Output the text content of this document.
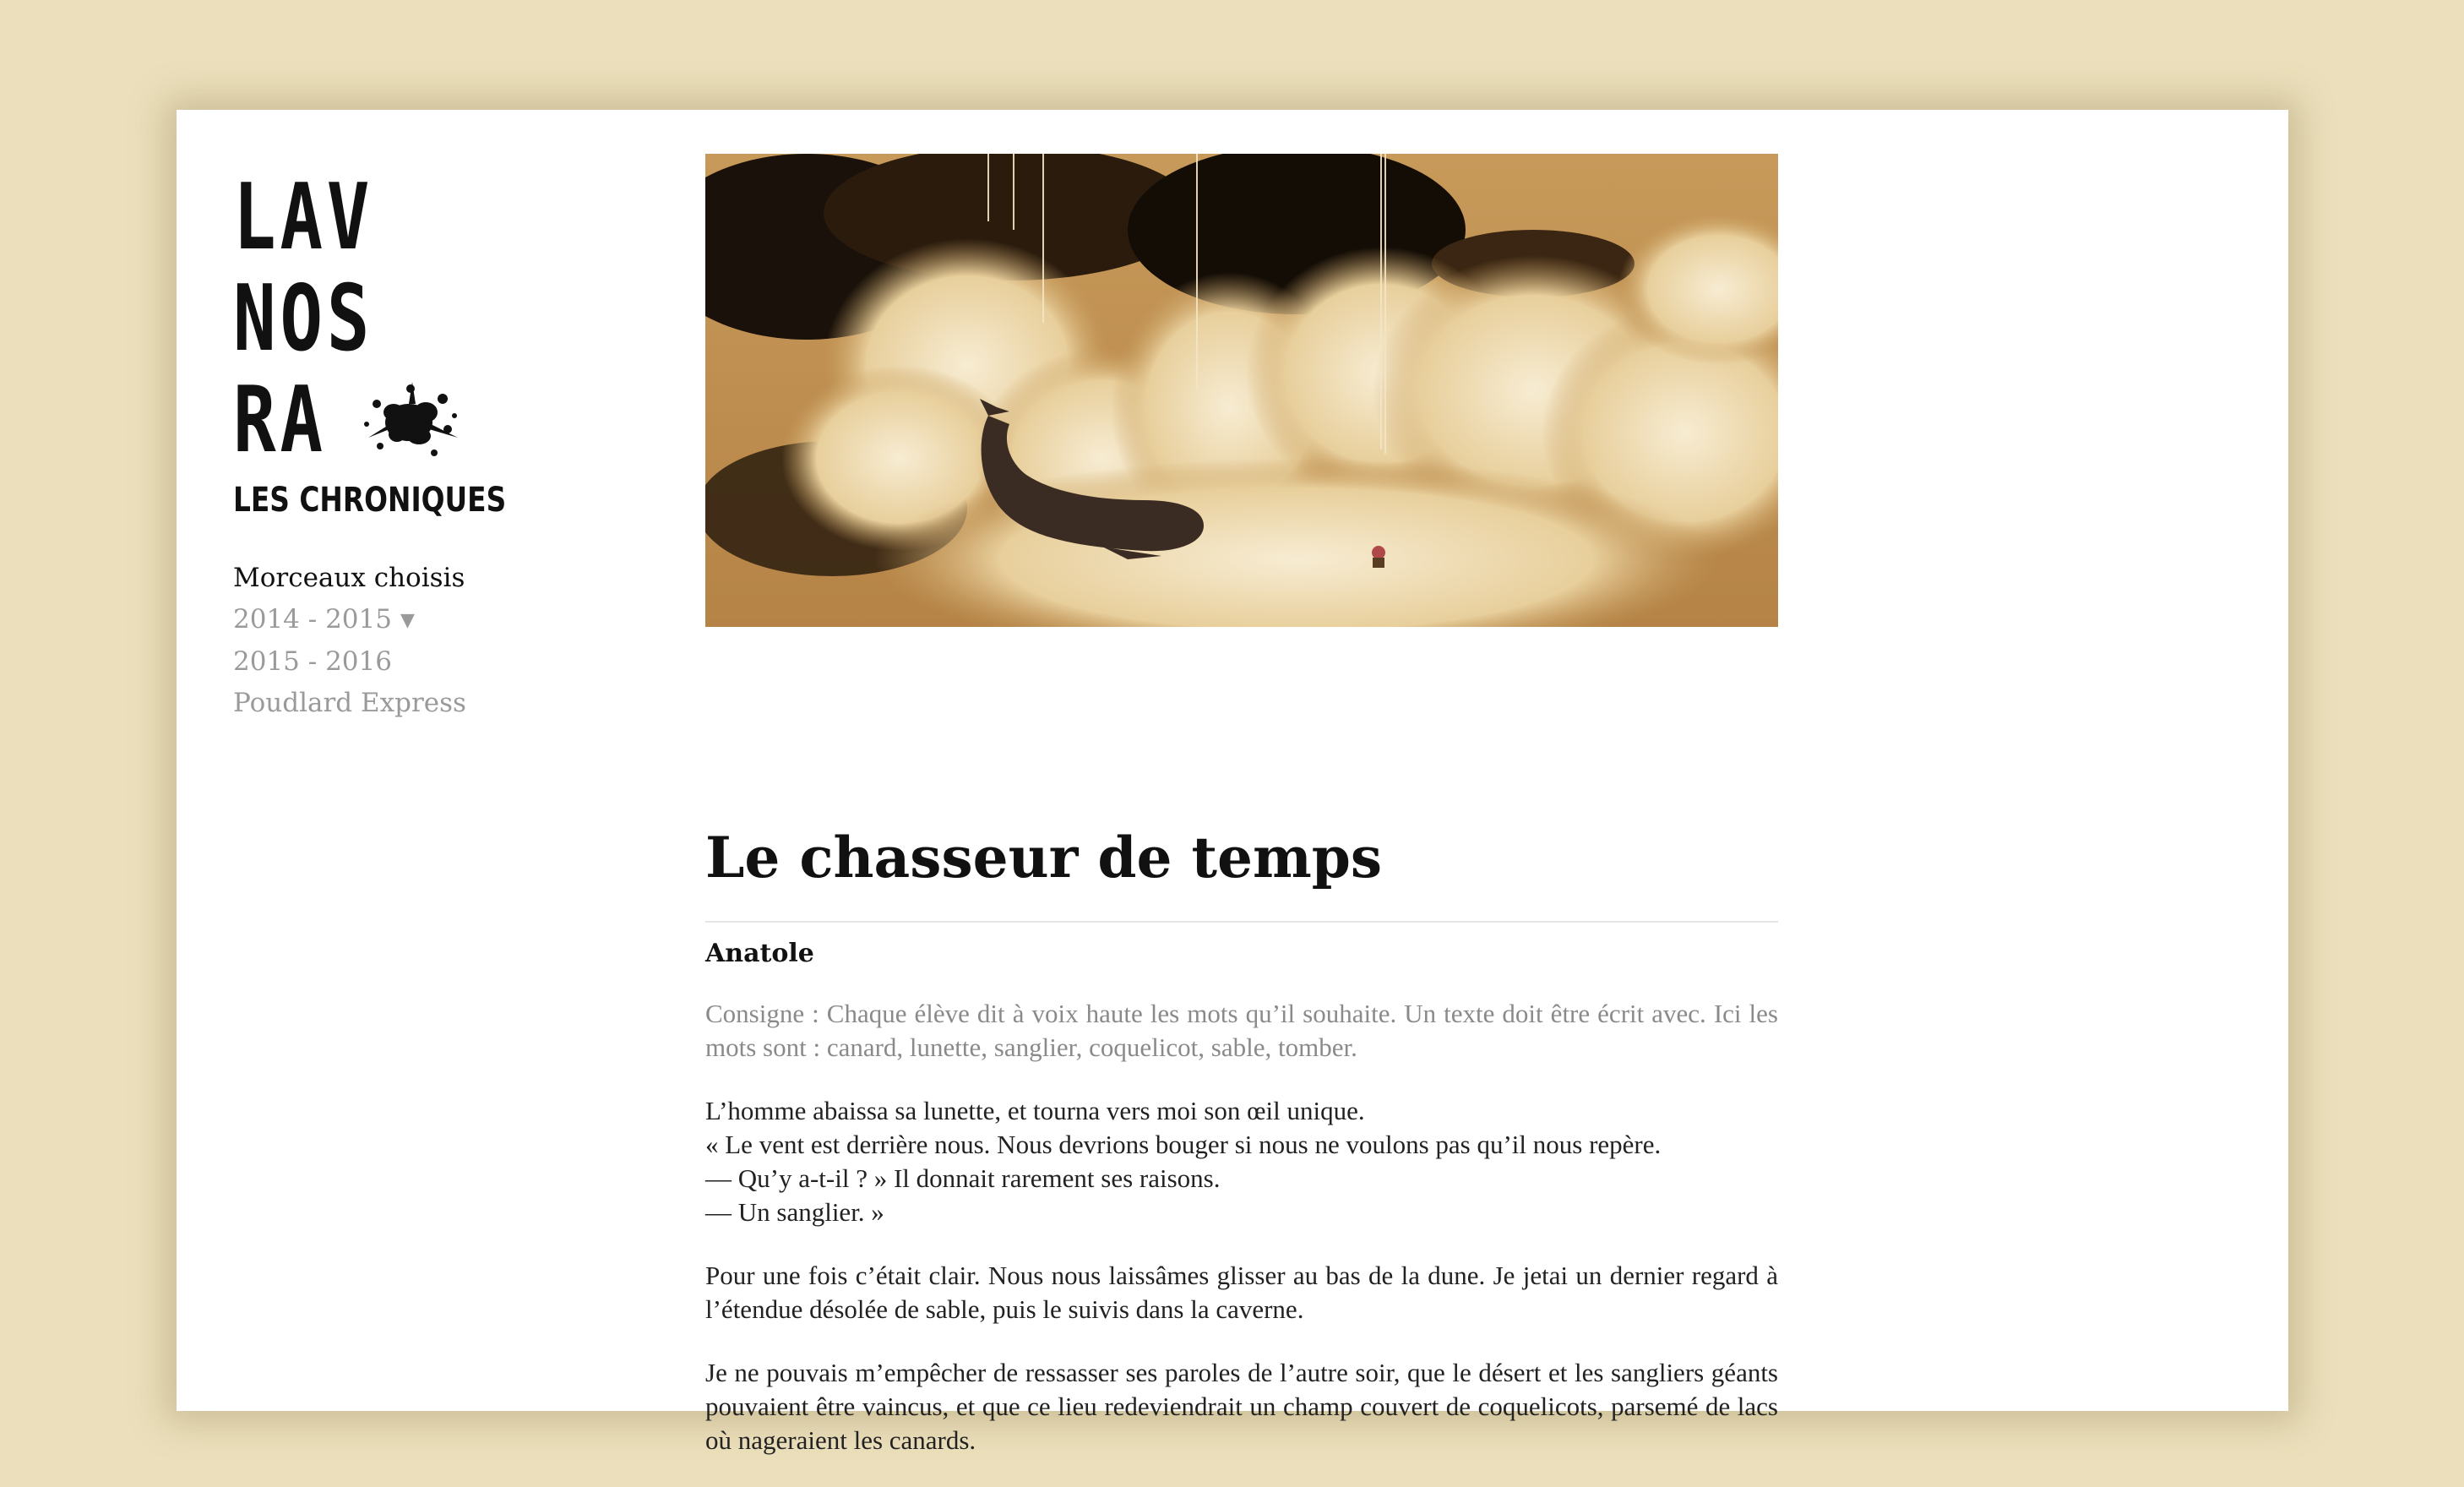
LAV
NOS
RA
LES CHRONIQUES
Morceaux choisis
2014 - 2015 ▼
2015 - 2016
Poudlard Express
Le chasseur de temps
Anatole

Consigne : Chaque élève dit à voix haute les mots qu’il souhaite. Un texte doit être écrit avec. Ici les mots sont : canard, lunette, sanglier, coquelicot, sable, tomber.

L’homme abaissa sa lunette, et tourna vers moi son œil unique.
« Le vent est derrière nous. Nous devrions bouger si nous ne voulons pas qu’il nous repère.
— Qu’y a-t-il ? » Il donnait rarement ses raisons.
— Un sanglier. »

Pour une fois c’était clair. Nous nous laissâmes glisser au bas de la dune. Je jetai un dernier regard à l’étendue désolée de sable, puis le suivis dans la caverne.

Je ne pouvais m’empêcher de ressasser ses paroles de l’autre soir, que le désert et les sangliers géants pouvaient être vaincus, et que ce lieu redeviendrait un champ couvert de coquelicots, parsemé de lacs où nageraient les canards.
